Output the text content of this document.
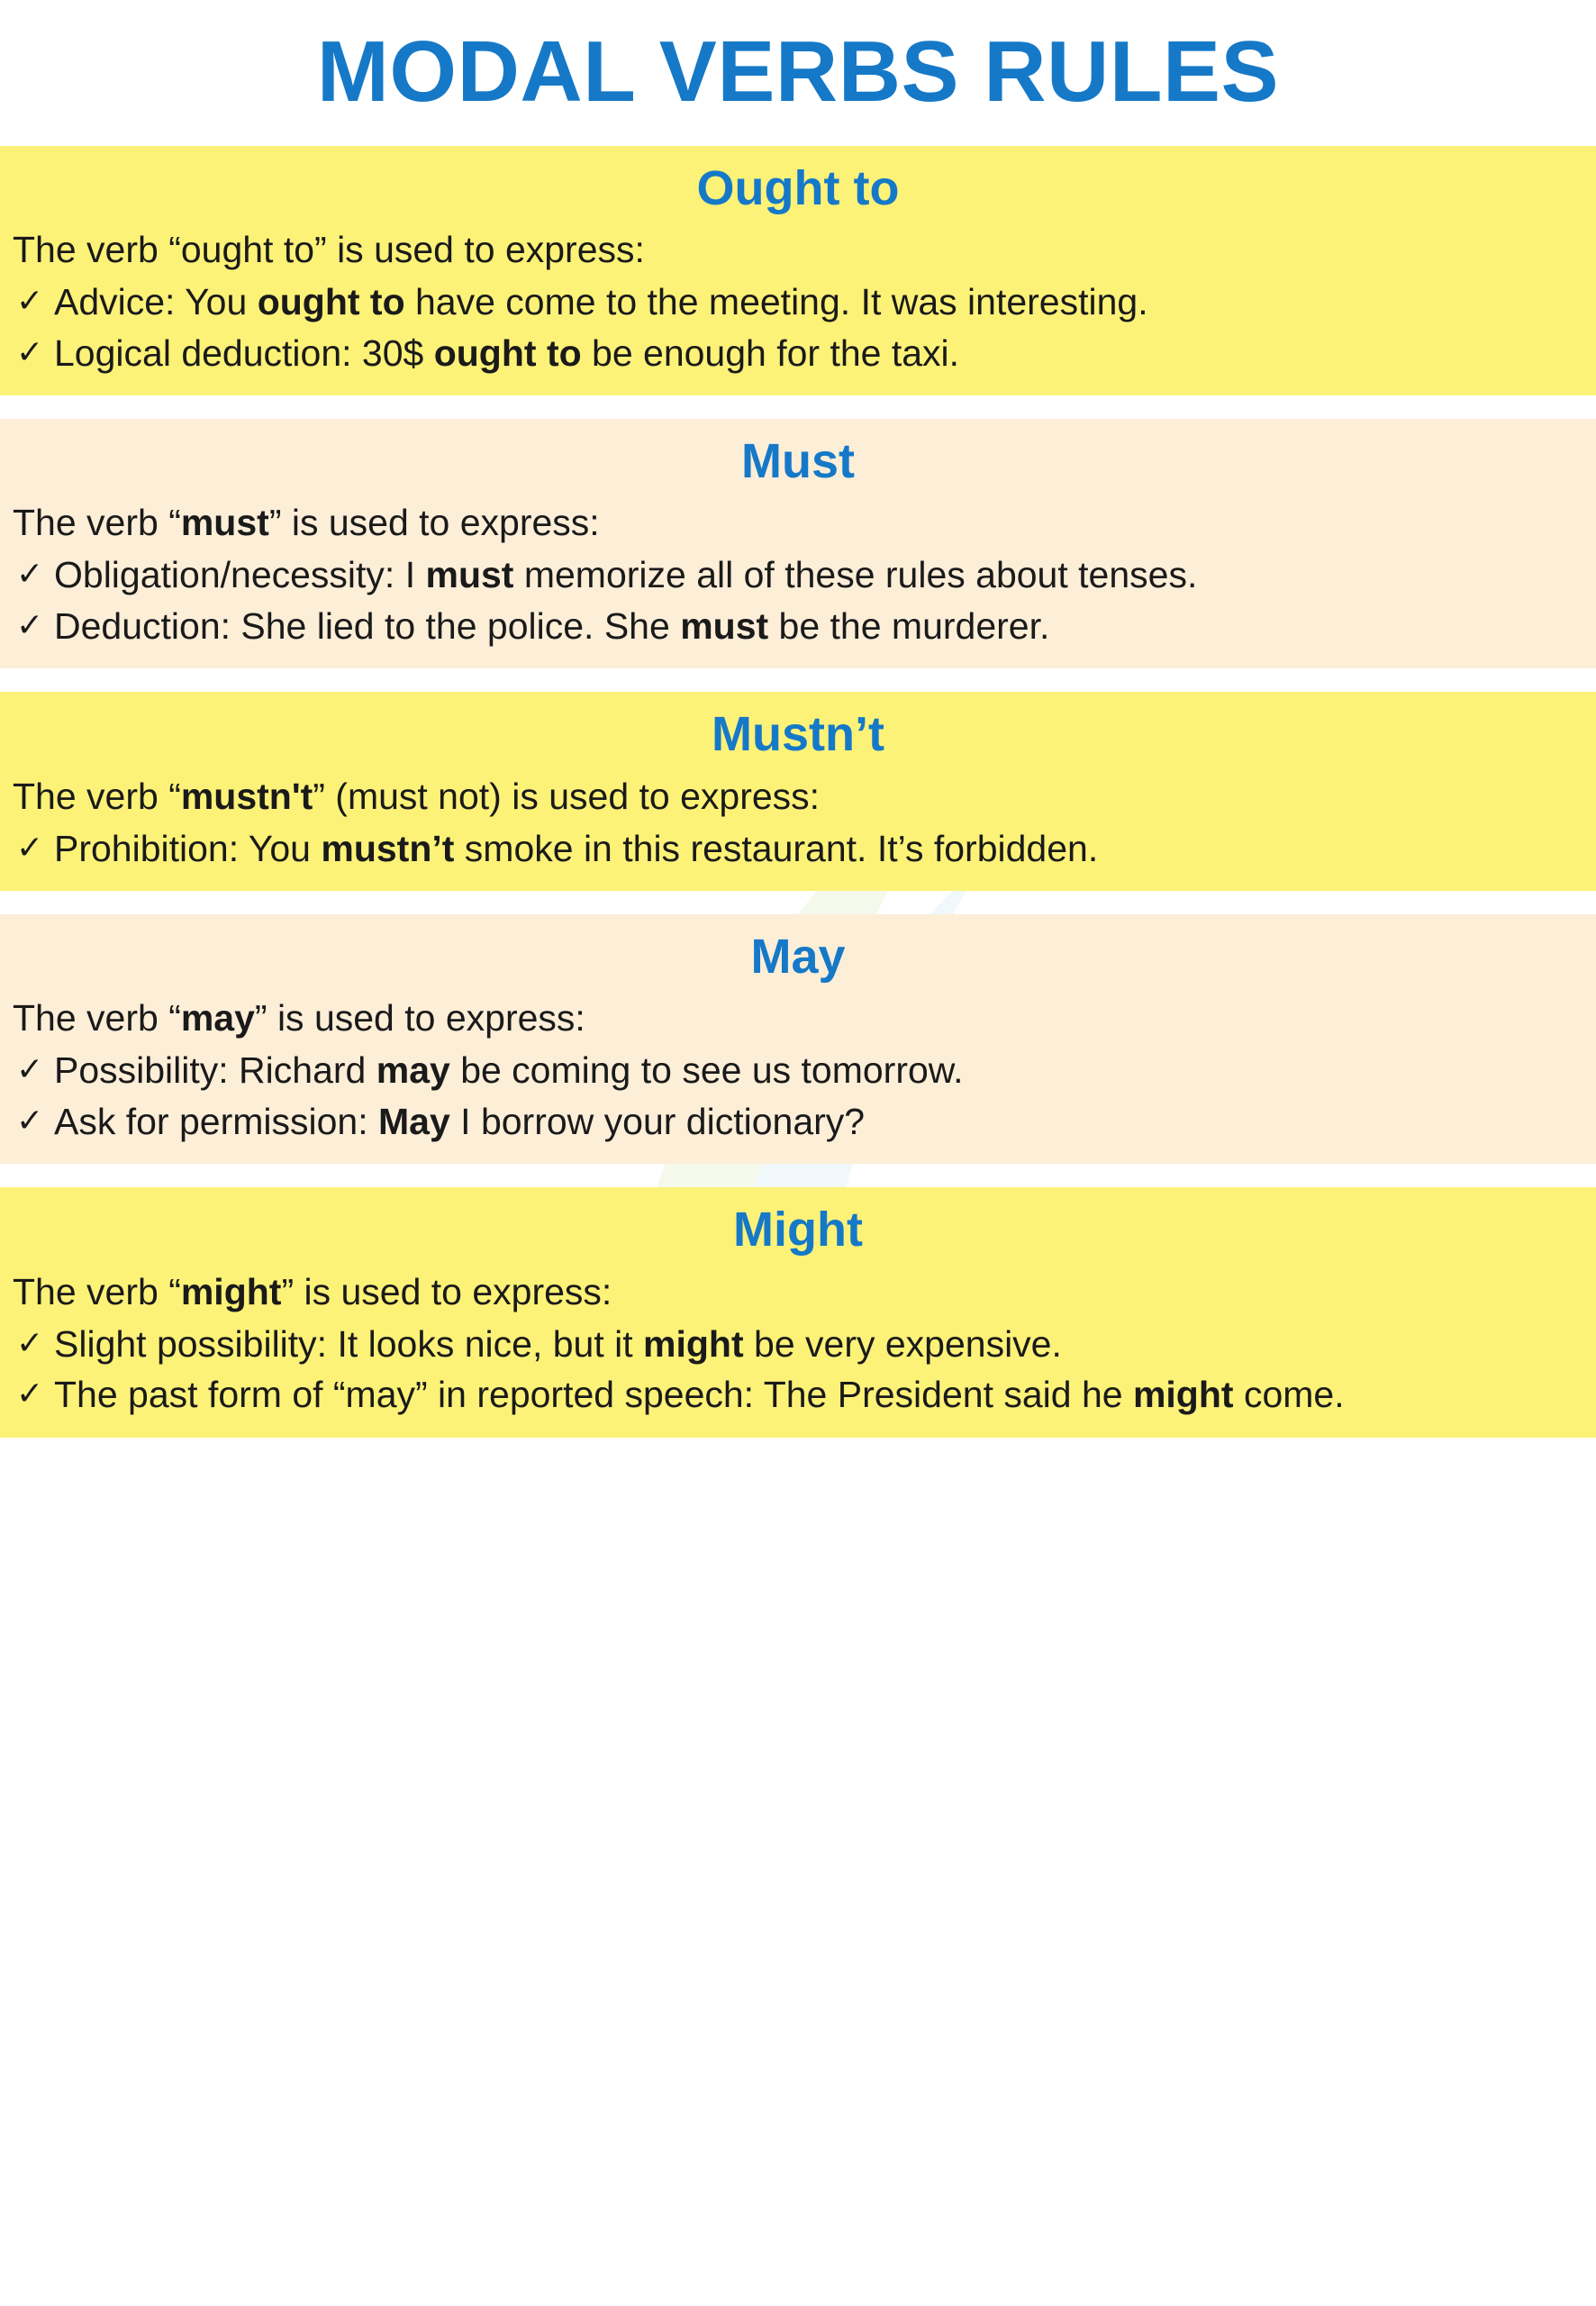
MODAL VERBS RULES
Ought to
The verb “ought to” is used to express:
✓ Advice: You ought to have come to the meeting. It was interesting.
✓ Logical deduction: 30$ ought to be enough for the taxi.
Must
The verb “must” is used to express:
✓ Obligation/necessity: I must memorize all of these rules about tenses.
✓ Deduction: She lied to the police. She must be the murderer.
Mustn’t
The verb “mustn't” (must not) is used to express:
✓ Prohibition: You mustn’t smoke in this restaurant. It’s forbidden.
May
The verb “may” is used to express:
✓ Possibility: Richard may be coming to see us tomorrow.
✓ Ask for permission: May I borrow your dictionary?
Might
The verb “might” is used to express:
✓ Slight possibility: It looks nice, but it might be very expensive.
✓ The past form of “may” in reported speech: The President said he might come.
